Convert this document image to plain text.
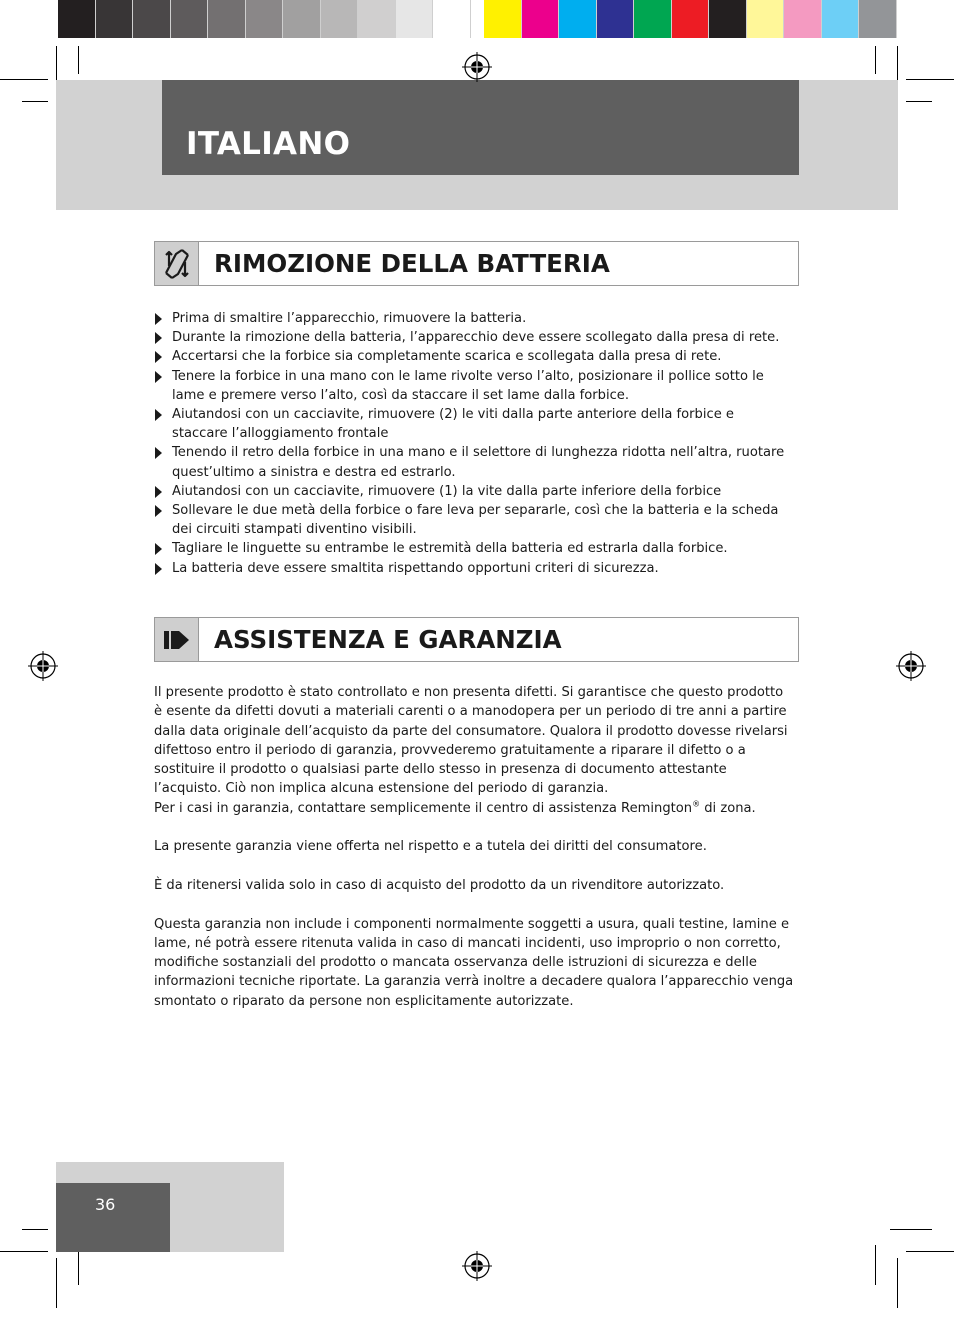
ITALIANO
RIMOZIONE DELLA BATTERIA
Prima di smaltire l’apparecchio, rimuovere la batteria.
Durante la rimozione della batteria, l’apparecchio deve essere scollegato dalla presa di rete.
Accertarsi che la forbice sia completamente scarica e scollegata dalla presa di rete.
Tenere la forbice in una mano con le lame rivolte verso l’alto, posizionare il pollice sotto le lame e premere verso l’alto, così da staccare il set lame dalla forbice.
Aiutandosi con un cacciavite, rimuovere (2) le viti dalla parte anteriore della forbice e staccare l’alloggiamento frontale
Tenendo il retro della forbice in una mano e il selettore di lunghezza ridotta nell’altra, ruotare quest’ultimo a sinistra e destra ed estrarlo.
Aiutandosi con un cacciavite, rimuovere (1) la vite dalla parte inferiore della forbice
Sollevare le due metà della forbice o fare leva per separarle, così che la batteria e la scheda dei circuiti stampati diventino visibili.
Tagliare le linguette su entrambe le estremità della batteria ed estrarla dalla forbice.
La batteria deve essere smaltita rispettando opportuni criteri di sicurezza.
ASSISTENZA E GARANZIA

Il presente prodotto è stato controllato e non presenta difetti. Si garantisce che questo prodotto è esente da difetti dovuti a materiali carenti o a manodopera per un periodo di tre anni a partire dalla data originale dell’acquisto da parte del consumatore. Qualora il prodotto dovesse rivelarsi difettoso entro il periodo di garanzia, provvederemo gratuitamente a riparare il difetto o a sostituire il prodotto o qualsiasi parte dello stesso in presenza di documento attestante l’acquisto. Ciò non implica alcuna estensione del periodo di garanzia.

Per i casi in garanzia, contattare semplicemente il centro di assistenza Remington® di zona.

La presente garanzia viene offerta nel rispetto e a tutela dei diritti del consumatore.

È da ritenersi valida solo in caso di acquisto del prodotto da un rivenditore autorizzato.

Questa garanzia non include i componenti normalmente soggetti a usura, quali testine, lamine e lame, né potrà essere ritenuta valida in caso di mancati incidenti, uso improprio o non corretto, modifiche sostanziali del prodotto o mancata osservanza delle istruzioni di sicurezza e delle informazioni tecniche riportate. La garanzia verrà inoltre a decadere qualora l’apparecchio venga smontato o riparato da persone non esplicitamente autorizzate.

36
